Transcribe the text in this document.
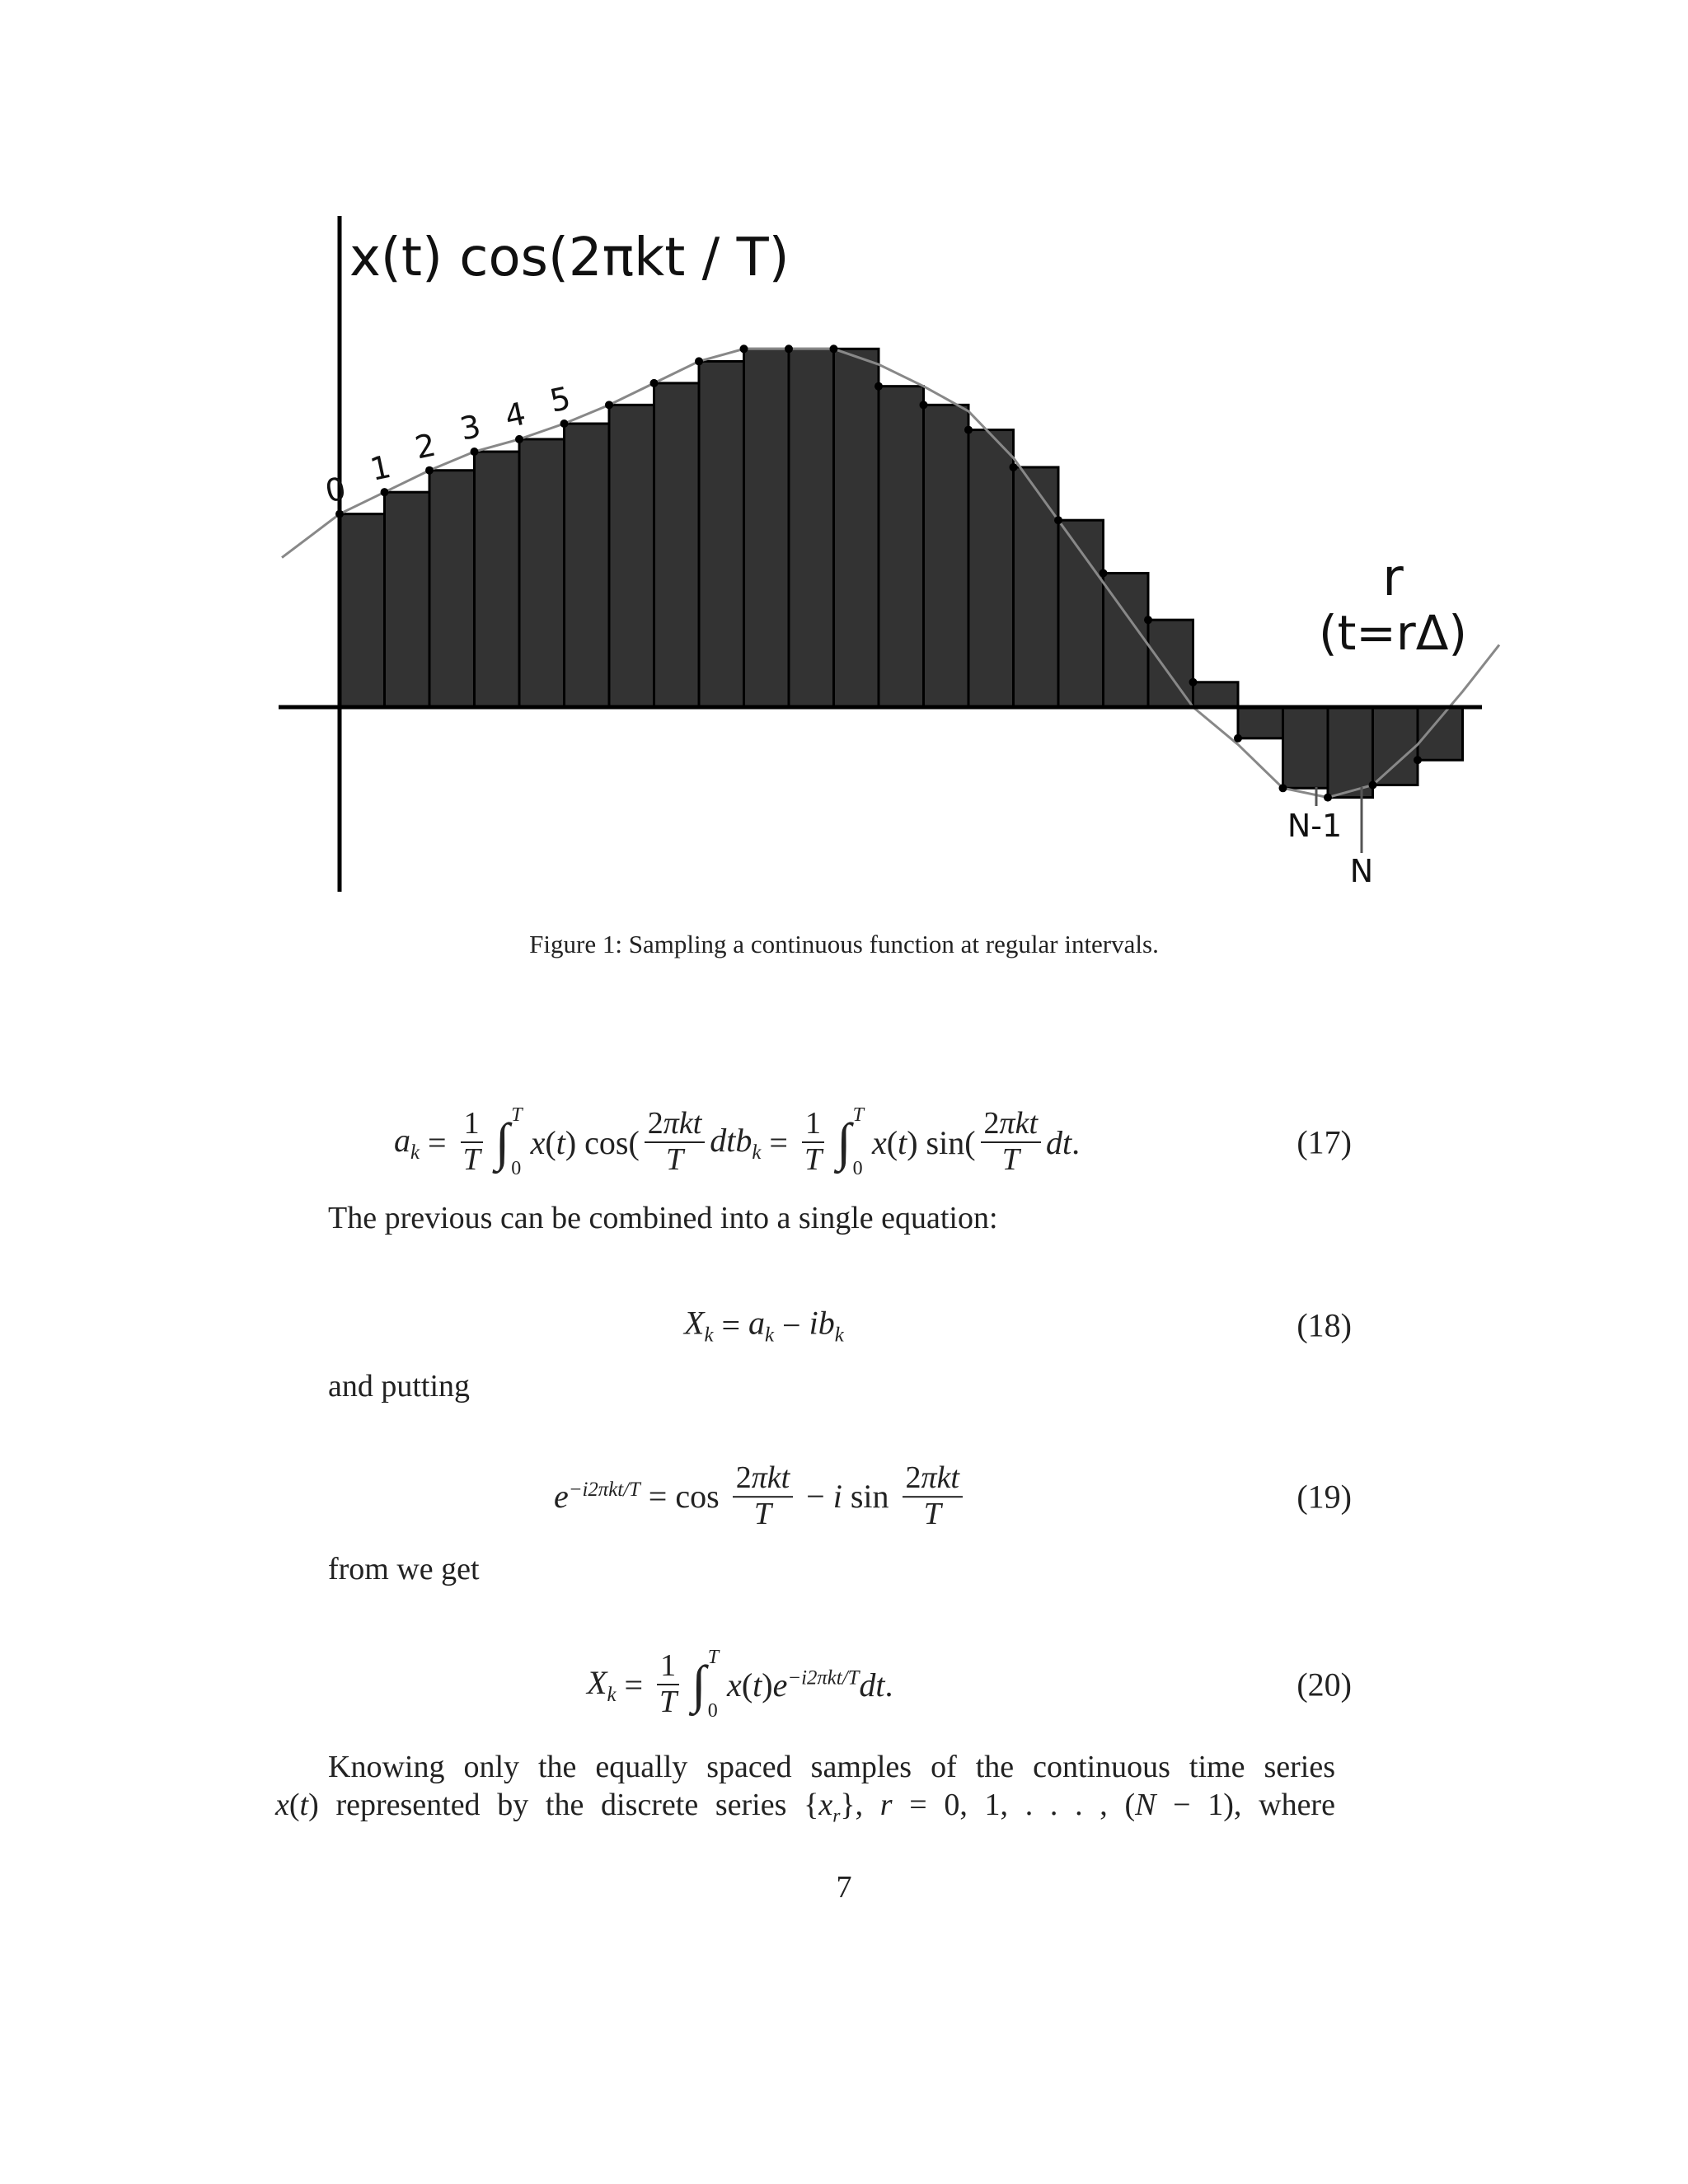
x(t) cos(2πkt / T)
r
(t=rΔ)
N-1
N
0
1
2 3 4 5
Figure 1: Sampling a continuous function at regular intervals.
$a_k = \frac{1}{T}$ ∫ T
0
x ( t ) $\cos( \frac{\text{2πkt}}{T} dtb_k = \frac{1}{T}$ ∫ T
0
x ( t ) $\sin( \frac{\text{2πkt}}{T}$ dt .	(17)
The previous can be combined into a single equation:
$X_k = a_k - ib_k$	(18)
and putting
$e^{-i2\pi kt/T} = \cos \frac{\text{2πkt}}{T} - i$ $\sin \frac{\text{2πkt}}{T}$	(19)
from we get
$X_k = \frac{1}{T}$ ∫ T
0
x ( t ) $e^{-i2\pi kt/T}dt$ .	(20)
Knowing only the equally spaced samples of the continuous time series
x(t) represented by the discrete series $\{x_r\}$, r = 0, 1, . . . , (N − 1), where
7
